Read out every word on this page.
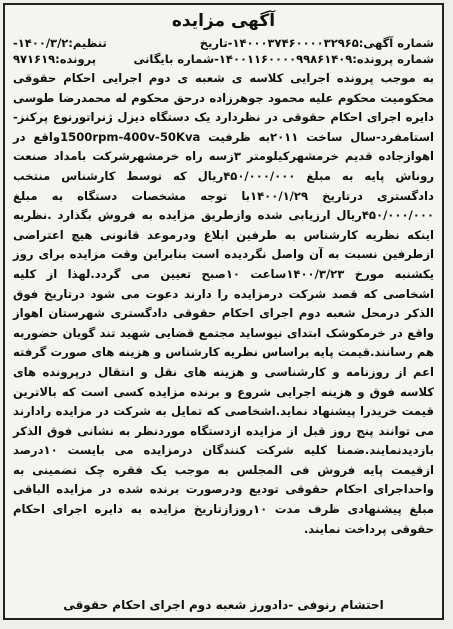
آگهی مزایده
شماره آگهی:۱۴۰۰۰۳۷۴۶۰۰۰۰۳۲۹۶۵-تاریخ
تنظیم:۱۴۰۰/۳/۲-
شماره پرونده:۱۴۰۰۱۱۶۰۰۰۰۹۹۸۶۱۴۰۹-شماره بایگانی
پرونده:۹۷۱۶۱۹

به موجب پرونده اجرایی کلاسه ی شعبه ی دوم اجرایی احکام حقوقی محکومیت محکوم علیه محمود جوهرزاده درحق محکوم له محمدرضا طوسی دایره اجرای احکام حقوقی در نظردارد یک دستگاه دیزل ژنراتورنوع پرکنز-استامفرد-سال ساخت ۲۰۱۱به ظرفیت 1500rpm-400v-50Kvaواقع در اهوازجاده قدیم خرمشهرکیلومتر ۳زسه راه خرمشهرشرکت بامداد صنعت روناش پایه به مبلغ ۴۵۰/۰۰۰/۰۰۰ریال که توسط کارشناس منتخب دادگستری درتاریخ ۱۴۰۰/۱/۲۹با توجه مشخصات دستگاه به مبلغ ۴۵۰/۰۰۰/۰۰۰ریال ارزیابی شده وازطریق مزایده به فروش بگذارد .نظربه اینکه نظریه کارشناس به طرفین ابلاغ ودرموعد قانونی هیچ اعتراضی ازطرفین نسبت به آن واصل نگردیده است بنابراین وقت مزایده برای روز یکشنبه مورخ ۱۴۰۰/۳/۲۳ساعت ۱۰صبح تعیین می گردد.لهذا از کلیه اشخاصی که قصد شرکت درمزایده را دارند دعوت می شود درتاریخ فوق الذکر درمحل شعبه دوم اجرای احکام حقوقی دادگستری شهرستان اهواز واقع در خرمکوشک ابتدای نیوساید مجتمع قضایی شهید تند گویان حضوربه هم رسانند.قیمت پایه براساس نظریه کارشناس و هزینه های صورت گرفته اعم از روزنامه و کارشناسی و هزینه های نقل و انتقال درپرونده های کلاسه فوق و هزینه اجرایی شروع و برنده مزایده کسی است که بالاترین قیمت خریدرا پیشنهاد نماید.اشخاصی که تمایل به شرکت در مزایده رادارند می توانند پنج روز قبل از مزایده ازدستگاه موردنظر به نشانی فوق الذکر بازدیدنمایند.ضمنا کلیه شرکت کنندگان درمزایده می بایست ۱۰درصد ازقیمت پایه فروش فی المجلس به موجب یک فقره چک تضمینی به واحداجرای احکام حقوقی تودیع ودرصورت برنده شده در مزایده الباقی مبلغ پیشنهادی ظرف مدت ۱۰روزازتاریخ مزایده به دایره اجرای احکام حقوقی پرداخت نمایند.

احتشام رنوفی -دادورز شعبه دوم اجرای احکام حقوقی
